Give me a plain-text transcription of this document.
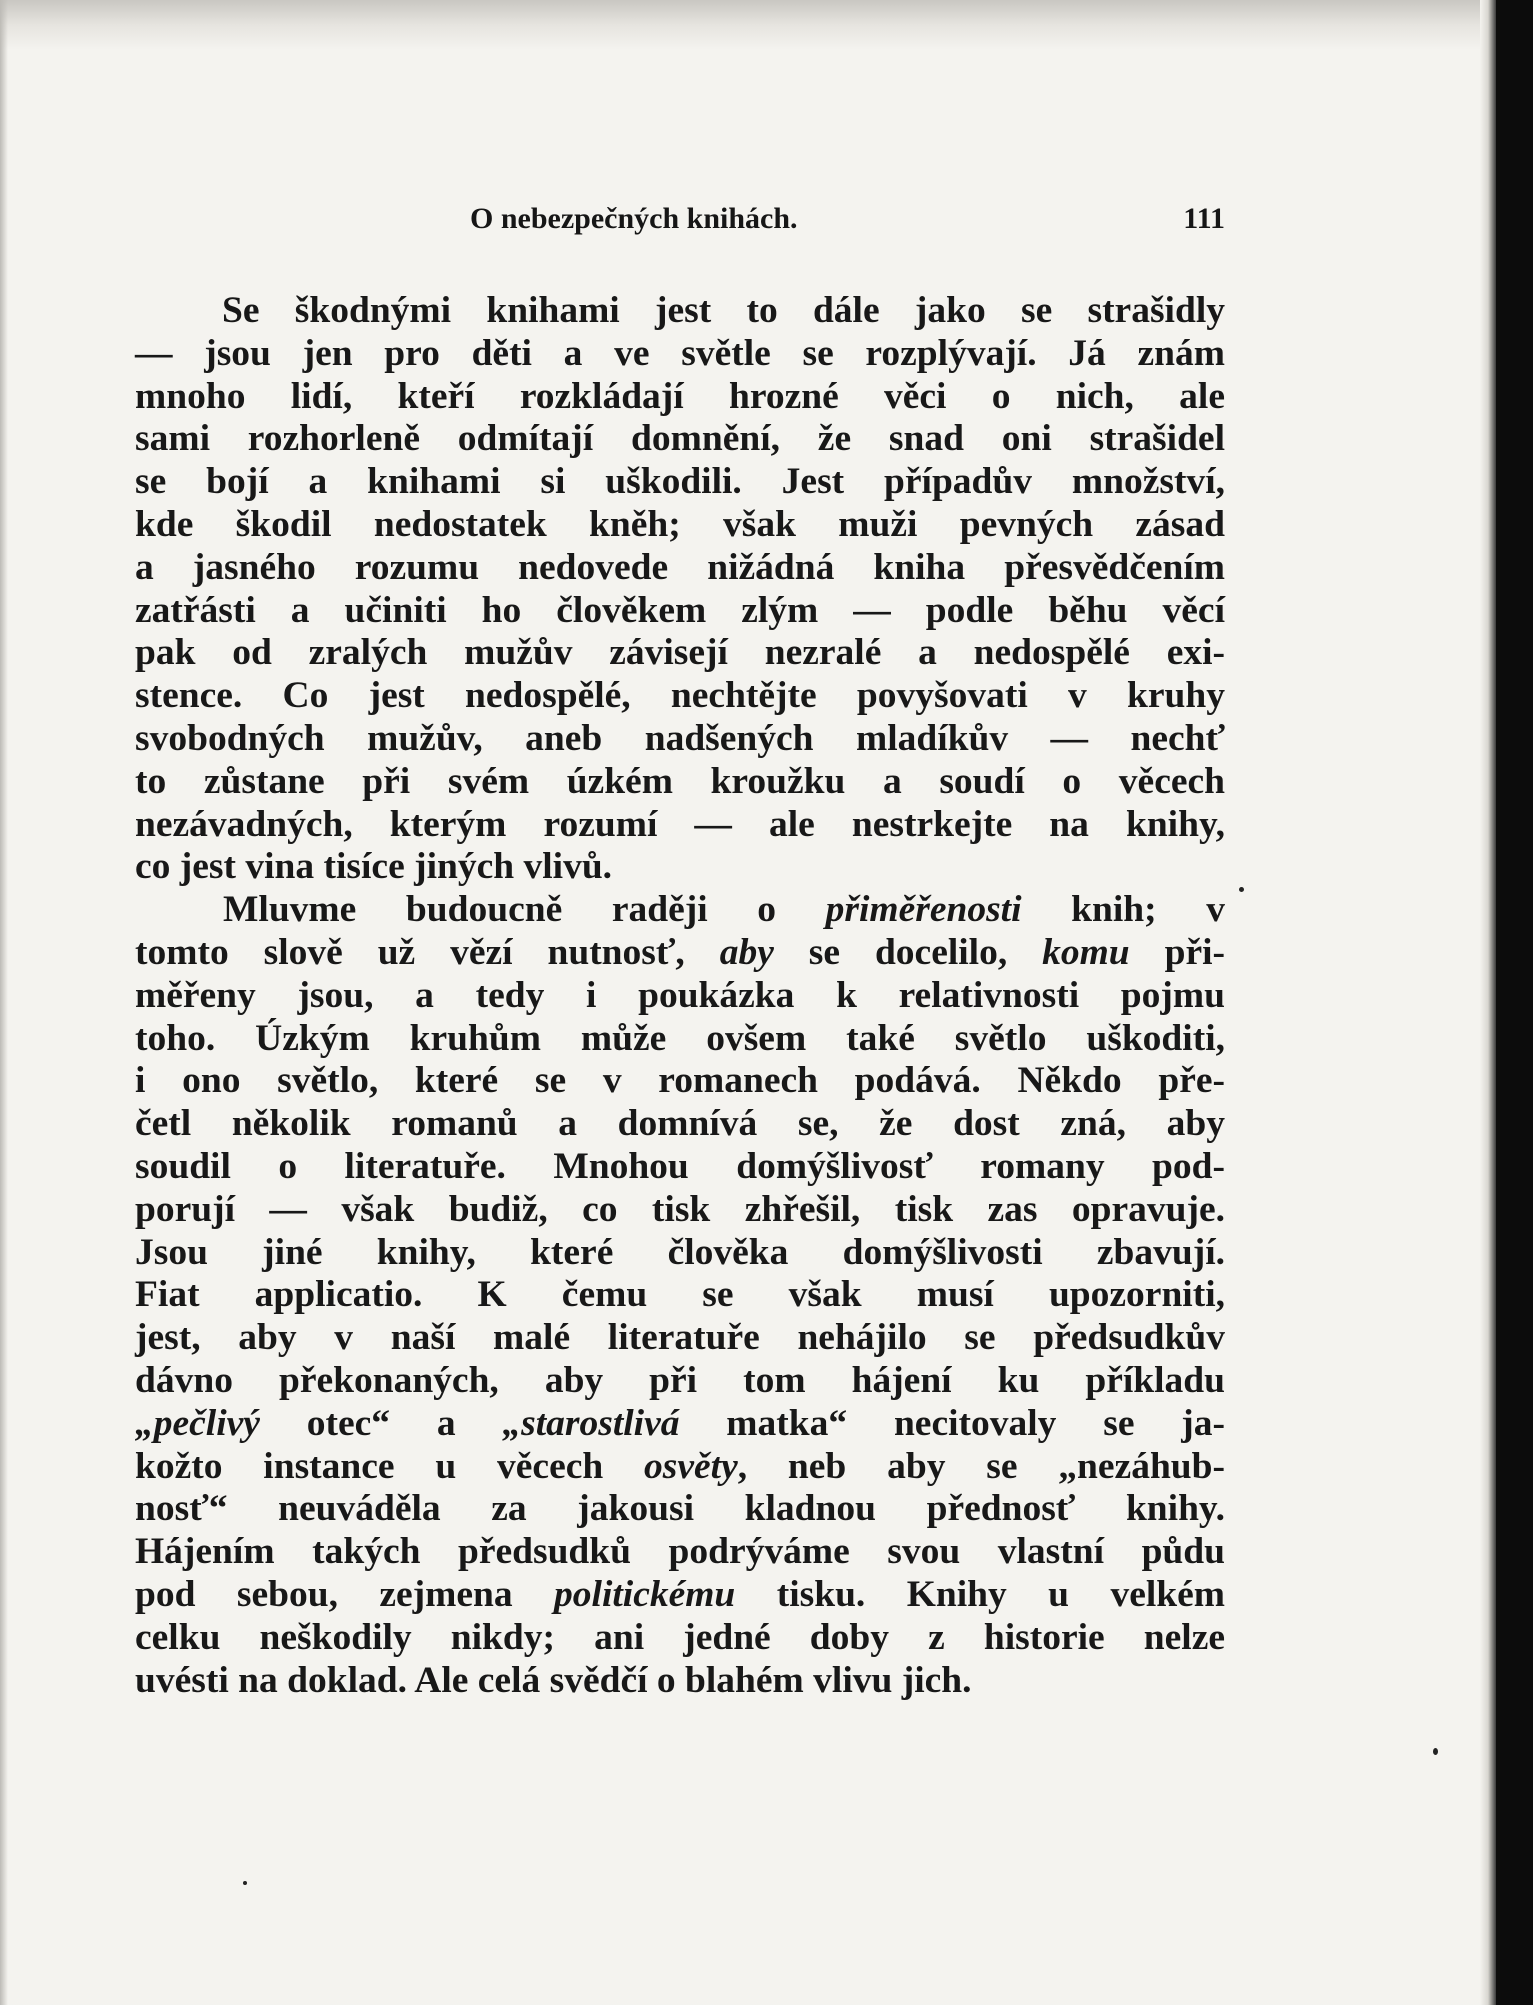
O nebezpečných knihách.	111
Se škodnými knihami jest to dále jako se strašidly
— jsou jen pro děti a ve světle se rozplývají. Já znám
mnoho lidí, kteří rozkládají hrozné věci o nich, ale
sami rozhorleně odmítají domnění, že snad oni strašidel
se bojí a knihami si uškodili. Jest případův množství,
kde škodil nedostatek kněh; však muži pevných zásad
a jasného rozumu nedovede nižádná kniha přesvědčením
zatřásti a učiniti ho člověkem zlým — podle běhu věcí
pak od zralých mužův závisejí nezralé a nedospělé exi-
stence. Co jest nedospělé, nechtějte povyšovati v kruhy
svobodných mužův, aneb nadšených mladíkův — nechť
to zůstane při svém úzkém kroužku a soudí o věcech
nezávadných, kterým rozumí — ale nestrkejte na knihy,
co jest vina tisíce jiných vlivů.
Mluvme budoucně raději o přiměřenosti knih; v
tomto slově už vězí nutnosť, aby se docelilo, komu při-
měřeny jsou, a tedy i poukázka k relativnosti pojmu
toho. Úzkým kruhům může ovšem také světlo uškoditi,
i ono světlo, které se v romanech podává. Někdo pře-
četl několik romanů a domnívá se, že dost zná, aby
soudil o literatuře. Mnohou domýšlivosť romany pod-
porují — však budiž, co tisk zhřešil, tisk zas opravuje.
Jsou jiné knihy, které člověka domýšlivosti zbavují.
Fiat applicatio. K čemu se však musí upozorniti,
jest, aby v naší malé literatuře nehájilo se předsudkův
dávno překonaných, aby při tom hájení ku příkladu
„pečlivý otec“ a „starostlivá matka“ necitovaly se ja-
kožto instance u věcech osvěty, neb aby se „nezáhub-
nosť“ neuváděla za jakousi kladnou přednosť knihy.
Hájením takých předsudků podrýváme svou vlastní půdu
pod sebou, zejmena politickému tisku. Knihy u velkém
celku neškodily nikdy; ani jedné doby z historie nelze
uvésti na doklad. Ale celá svědčí o blahém vlivu jich.
